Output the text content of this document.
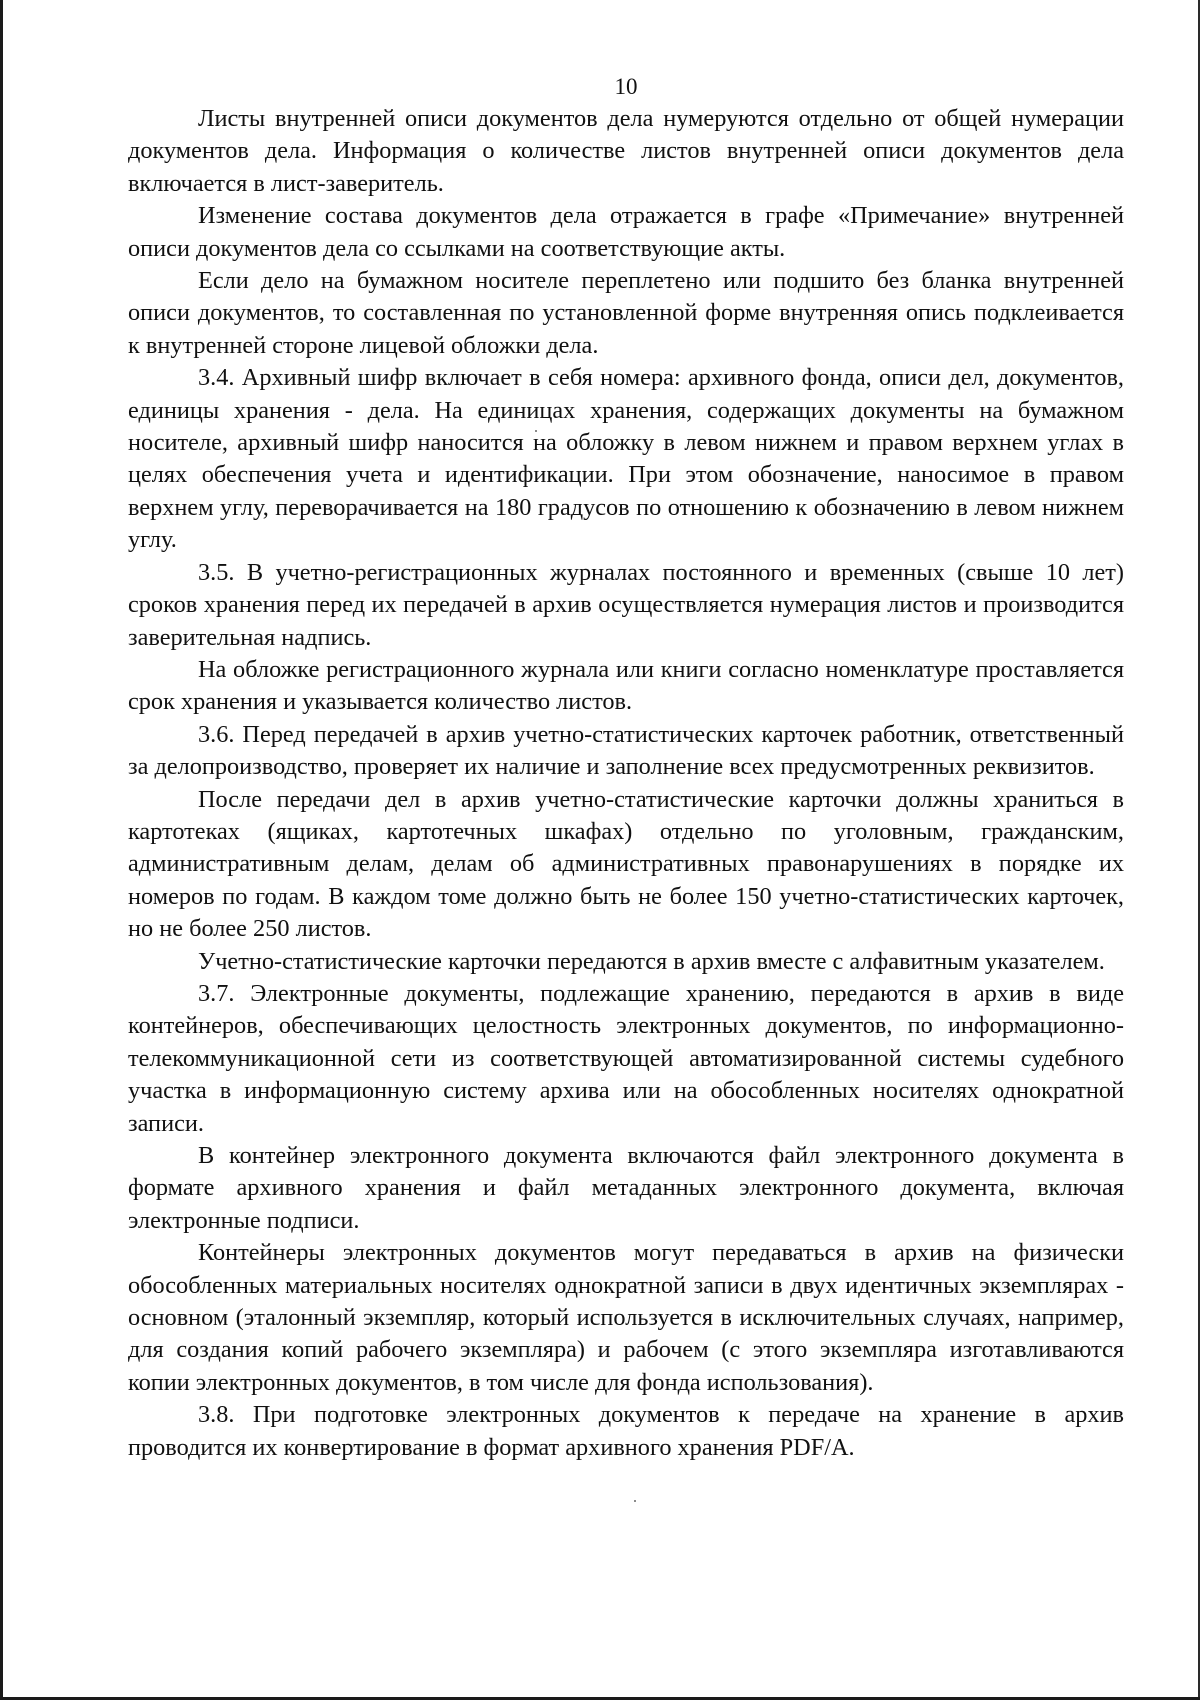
10

Листы внутренней описи документов дела нумеруются отдельно от общей нумерации документов дела. Информация о количестве листов внутренней описи документов дела включается в лист-заверитель.

Изменение состава документов дела отражается в графе «Примечание» внутренней описи документов дела со ссылками на соответствующие акты.

Если дело на бумажном носителе переплетено или подшито без бланка внутренней описи документов, то составленная по установленной форме внутренняя опись подклеивается к внутренней стороне лицевой обложки дела.

3.4. Архивный шифр включает в себя номера: архивного фонда, описи дел, документов, единицы хранения - дела. На единицах хранения, содержащих документы на бумажном носителе, архивный шифр наносится на обложку в левом нижнем и правом верхнем углах в целях обеспечения учета и идентификации. При этом обозначение, наносимое в правом верхнем углу, переворачивается на 180 градусов по отношению к обозначению в левом нижнем углу.

3.5. В учетно-регистрационных журналах постоянного и временных (свыше 10 лет) сроков хранения перед их передачей в архив осуществляется нумерация листов и производится заверительная надпись.

На обложке регистрационного журнала или книги согласно номенклатуре проставляется срок хранения и указывается количество листов.

3.6. Перед передачей в архив учетно-статистических карточек работник, ответственный за делопроизводство, проверяет их наличие и заполнение всех предусмотренных реквизитов.

После передачи дел в архив учетно-статистические карточки должны храниться в картотеках (ящиках, картотечных шкафах) отдельно по уголовным, гражданским, административным делам, делам об административных правонарушениях в порядке их номеров по годам. В каждом томе должно быть не более 150 учетно-статистических карточек, но не более 250 листов.

Учетно-статистические карточки передаются в архив вместе с алфавитным указателем.

3.7. Электронные документы, подлежащие хранению, передаются в архив в виде контейнеров, обеспечивающих целостность электронных документов, по информационно-телекоммуникационной сети из соответствующей автоматизированной системы судебного участка в информационную систему архива или на обособленных носителях однократной записи.

В контейнер электронного документа включаются файл электронного документа в формате архивного хранения и файл метаданных электронного документа, включая электронные подписи.

Контейнеры электронных документов могут передаваться в архив на физически обособленных материальных носителях однократной записи в двух идентичных экземплярах - основном (эталонный экземпляр, который используется в исключительных случаях, например, для создания копий рабочего экземпляра) и рабочем (с этого экземпляра изготавливаются копии электронных документов, в том числе для фонда использования).

3.8. При подготовке электронных документов к передаче на хранение в архив проводится их конвертирование в формат архивного хранения PDF/A.
